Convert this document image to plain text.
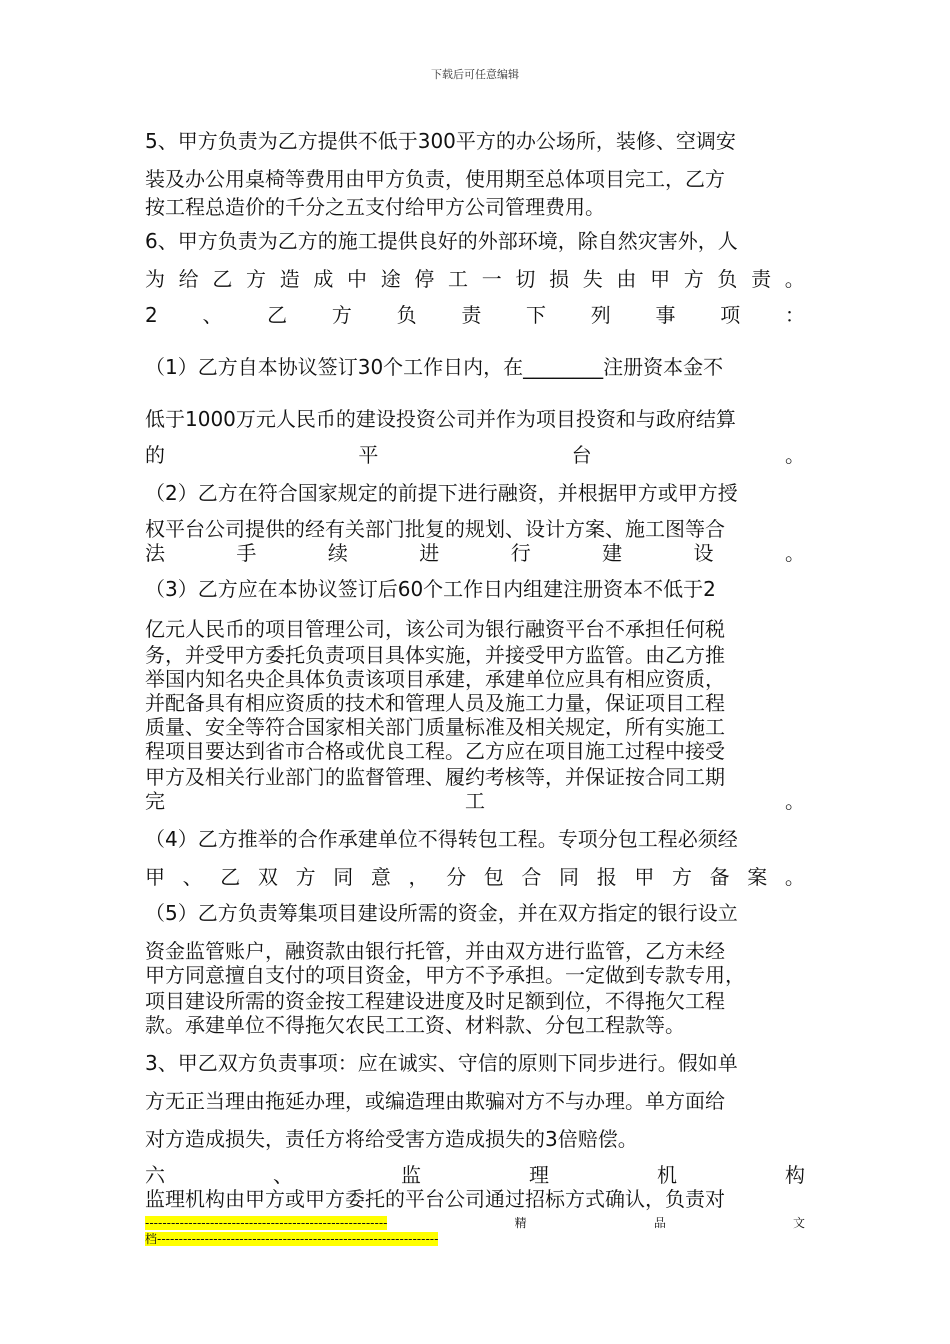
下载后可任意编辑
5、甲方负责为乙方提供不低于300平方的办公场所，装修、空调安
装及办公用桌椅等费用由甲方负责，使用期至总体项目完工，乙方
按工程总造价的千分之五支付给甲方公司管理费用。
6、甲方负责为乙方的施工提供良好的外部环境，除自然灾害外，人
为 给 乙 方 造 成 中 途 停 工 一 切 损 失 由 甲 方 负 责 。
2 、 乙 方 负 责 下 列 事 项 ：
（1）乙方自本协议签订30个工作日内，在________注册资本金不
低于1000万元人民币的建设投资公司并作为项目投资和与政府结算
的	平	台	。
（2）乙方在符合国家规定的前提下进行融资，并根据甲方或甲方授
权平台公司提供的经有关部门批复的规划、设计方案、施工图等合
法	手	续	进	行	建	设	。
（3）乙方应在本协议签订后60个工作日内组建注册资本不低于2
亿元人民币的项目管理公司，该公司为银行融资平台不承担任何税
务，并受甲方委托负责项目具体实施，并接受甲方监管。由乙方推
举国内知名央企具体负责该项目承建，承建单位应具有相应资质，
并配备具有相应资质的技术和管理人员及施工力量，保证项目工程
质量、安全等符合国家相关部门质量标准及相关规定，所有实施工
程项目要达到省市合格或优良工程。乙方应在项目施工过程中接受
甲方及相关行业部门的监督管理、履约考核等，并保证按合同工期
完	工	。
（4）乙方推举的合作承建单位不得转包工程。专项分包工程必须经
甲 、 乙 双 方 同 意 ， 分 包 合 同 报 甲 方 备 案 。
（5）乙方负责筹集项目建设所需的资金，并在双方指定的银行设立
资金监管账户，融资款由银行托管，并由双方进行监管，乙方未经
甲方同意擅自支付的项目资金，甲方不予承担。一定做到专款专用，
项目建设所需的资金按工程建设进度及时足额到位，不得拖欠工程
款。承建单位不得拖欠农民工工资、材料款、分包工程款等。
3、甲乙双方负责事项：应在诚实、守信的原则下同步进行。假如单
方无正当理由拖延办理，或编造理由欺骗对方不与办理。单方面给
对方造成损失，责任方将给受害方造成损失的3倍赔偿。
六	、	监	理	机	构
监理机构由甲方或甲方委托的平台公司通过招标方式确认，负责对
--------------------------------------------------------	精	品	文
档-----------------------------------------------------------------
